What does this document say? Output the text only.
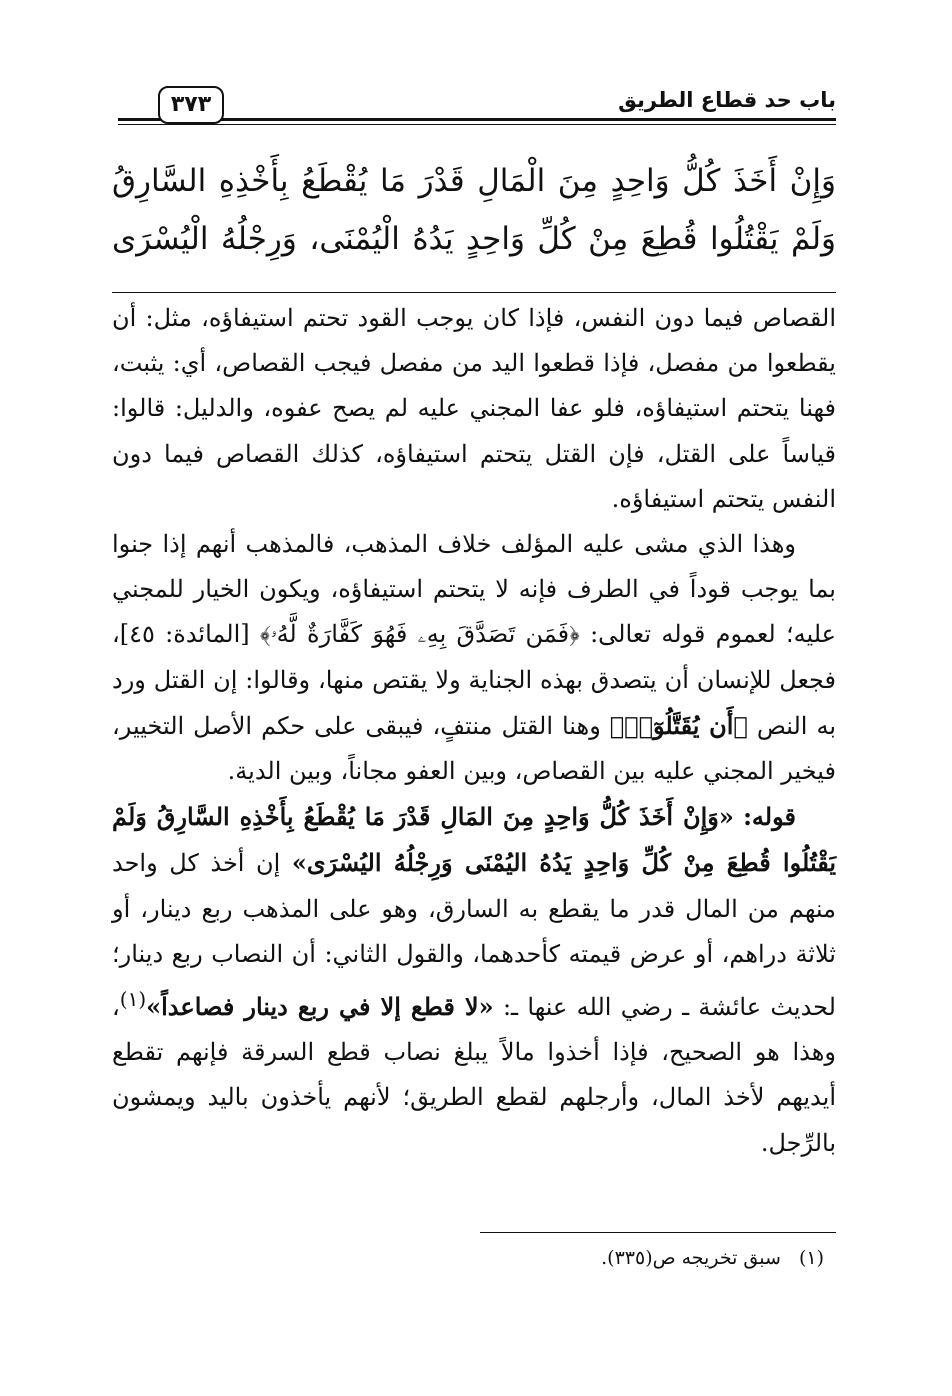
باب حد قطاع الطريق
٣٧٣
وَإِنْ أَخَذَ كُلُّ وَاحِدٍ مِنَ الْمَالِ قَدْرَ مَا يُقْطَعُ بِأَخْذِهِ السَّارِقُ
وَلَمْ يَقْتُلُوا قُطِعَ مِنْ كُلِّ وَاحِدٍ يَدُهُ الْيُمْنَى، وَرِجْلُهُ الْيُسْرَى

القصاص فيما دون النفس، فإذا كان يوجب القود تحتم استيفاؤه، مثل: أن يقطعوا من مفصل، فإذا قطعوا اليد من مفصل فيجب القصاص، أي: يثبت، فهنا يتحتم استيفاؤه، فلو عفا المجني عليه لم يصح عفوه، والدليل: قالوا: قياساً على القتل، فإن القتل يتحتم استيفاؤه، كذلك القصاص فيما دون النفس يتحتم استيفاؤه.

وهذا الذي مشى عليه المؤلف خلاف المذهب، فالمذهب أنهم إذا جنوا بما يوجب قوداً في الطرف فإنه لا يتحتم استيفاؤه، ويكون الخيار للمجني عليه؛ لعموم قوله تعالى: ﴿فَمَن تَصَدَّقَ بِهِۦ فَهُوَ كَفَّارَةٌ لَّهُۥ﴾ [المائدة: ٤٥]، فجعل للإنسان أن يتصدق بهذه الجناية ولا يقتص منها، وقالوا: إن القتل ورد به النص ﴿أَن يُقَتَّلُوٓا۟﴾ وهنا القتل منتفٍ، فيبقى على حكم الأصل التخيير، فيخير المجني عليه بين القصاص، وبين العفو مجاناً، وبين الدية.

قوله: «وَإِنْ أَخَذَ كُلُّ وَاحِدٍ مِنَ المَالِ قَدْرَ مَا يُقْطَعُ بِأَخْذِهِ السَّارِقُ وَلَمْ يَقْتُلُوا قُطِعَ مِنْ كُلِّ وَاحِدٍ يَدُهُ اليُمْنَى وَرِجْلُهُ اليُسْرَى» إن أخذ كل واحد منهم من المال قدر ما يقطع به السارق، وهو على المذهب ربع دينار، أو ثلاثة دراهم، أو عرض قيمته كأحدهما، والقول الثاني: أن النصاب ربع دينار؛ لحديث عائشة ـ رضي الله عنها ـ: «لا قطع إلا في ربع دينار فصاعداً»$^{(١)}$، وهذا هو الصحيح، فإذا أخذوا مالاً يبلغ نصاب قطع السرقة فإنهم تقطع أيديهم لأخذ المال، وأرجلهم لقطع الطريق؛ لأنهم يأخذون باليد ويمشون بالرِّجل.

(١)سبق تخريجه ص(٣٣٥).
